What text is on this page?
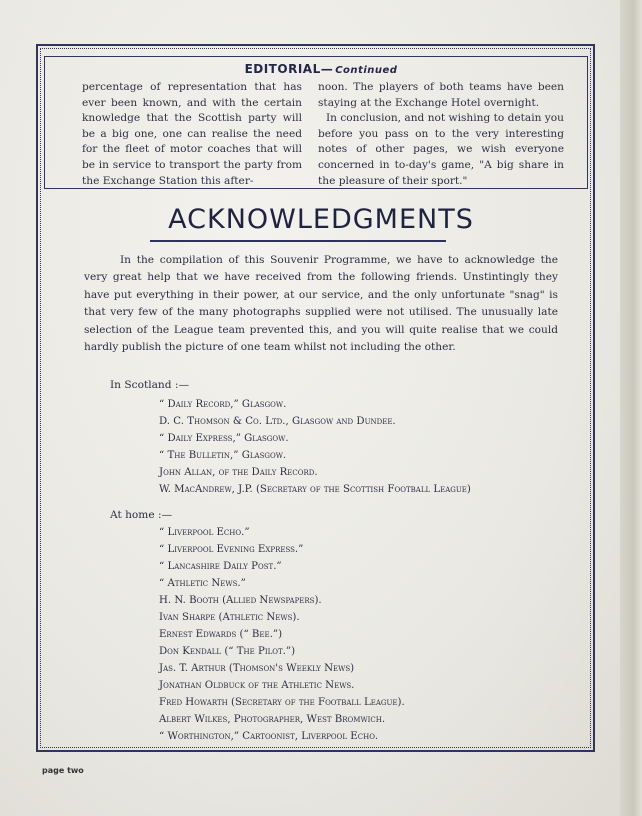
EDITORIAL— Continued

percentage of representation that has ever been known, and with the certain knowledge that the Scottish party will be a big one, one can realise the need for the fleet of motor coaches that will be in service to transport the party from the Exchange Station this after-

noon. The players of both teams have been staying at the Exchange Hotel overnight.

In conclusion, and not wishing to detain you before you pass on to the very interesting notes of other pages, we wish everyone concerned in to-day's game, "A big share in the pleasure of their sport."

ACKNOWLEDGMENTS

In the compilation of this Souvenir Programme, we have to acknowledge the very great help that we have received from the following friends. Unstintingly they have put everything in their power, at our service, and the only unfortunate "snag" is that very few of the many photographs supplied were not utilised. The unusually late selection of the League team prevented this, and you will quite realise that we could hardly publish the picture of one team whilst not including the other.

In Scotland :—
“ Daily Record,” Glasgow.
D. C. Thomson & Co. Ltd., Glasgow and Dundee.
“ Daily Express,” Glasgow.
“ The Bulletin,” Glasgow.
John Allan, of the Daily Record.
W. MacAndrew, J.P. (Secretary of the Scottish Football League)
At home :—
“ Liverpool Echo.”
“ Liverpool Evening Express.”
“ Lancashire Daily Post.”
“ Athletic News.”
H. N. Booth (Allied Newspapers).
Ivan Sharpe (Athletic News).
Ernest Edwards (“ Bee.”)
Don Kendall (“ The Pilot.”)
Jas. T. Arthur (Thomson's Weekly News)
Jonathan Oldbuck of the Athletic News.
Fred Howarth (Secretary of the Football League).
Albert Wilkes, Photographer, West Bromwich.
“ Worthington,” Cartoonist, Liverpool Echo.
page two
